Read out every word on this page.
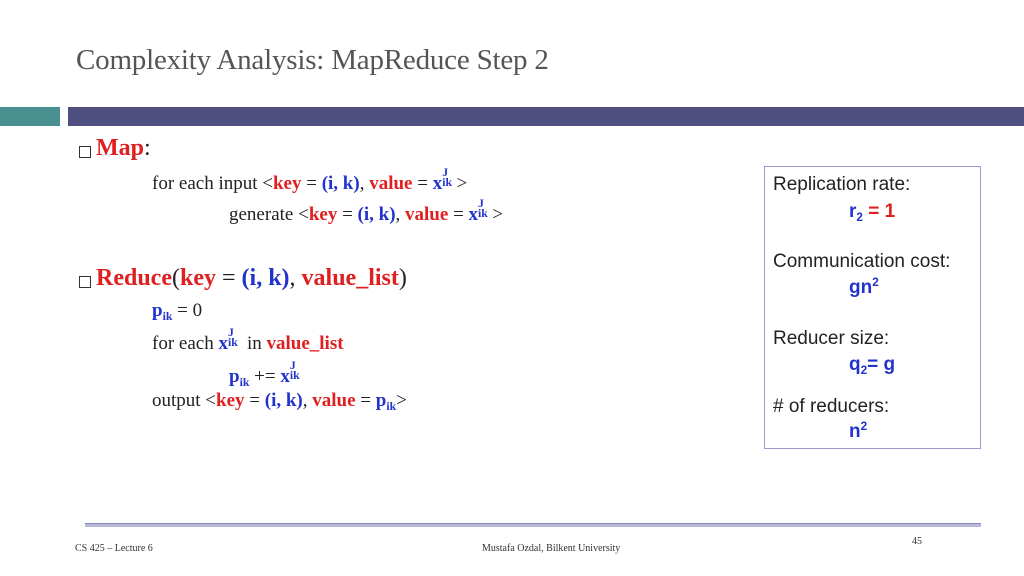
Complexity Analysis: MapReduce Step 2
Map:
for each input <key = (i, k), value = x
J
ik >
generate <key = (i, k), value = x
J
ik >
Reduce(key = (i, k), value_list)
$p_{ik} = 0$
for each x
J
ik in value_list
$p_{ik} += x$
J
ik
output <key = (i, k), value = $p_{ik}>$
Replication rate:
$r_2 = 1$
Communication cost:
$gn^2$
Reducer size:
$q_2= g$
# of reducers:
$n^2$
CS 425 – Lecture 6	Mustafa Ozdal, Bilkent University
45
